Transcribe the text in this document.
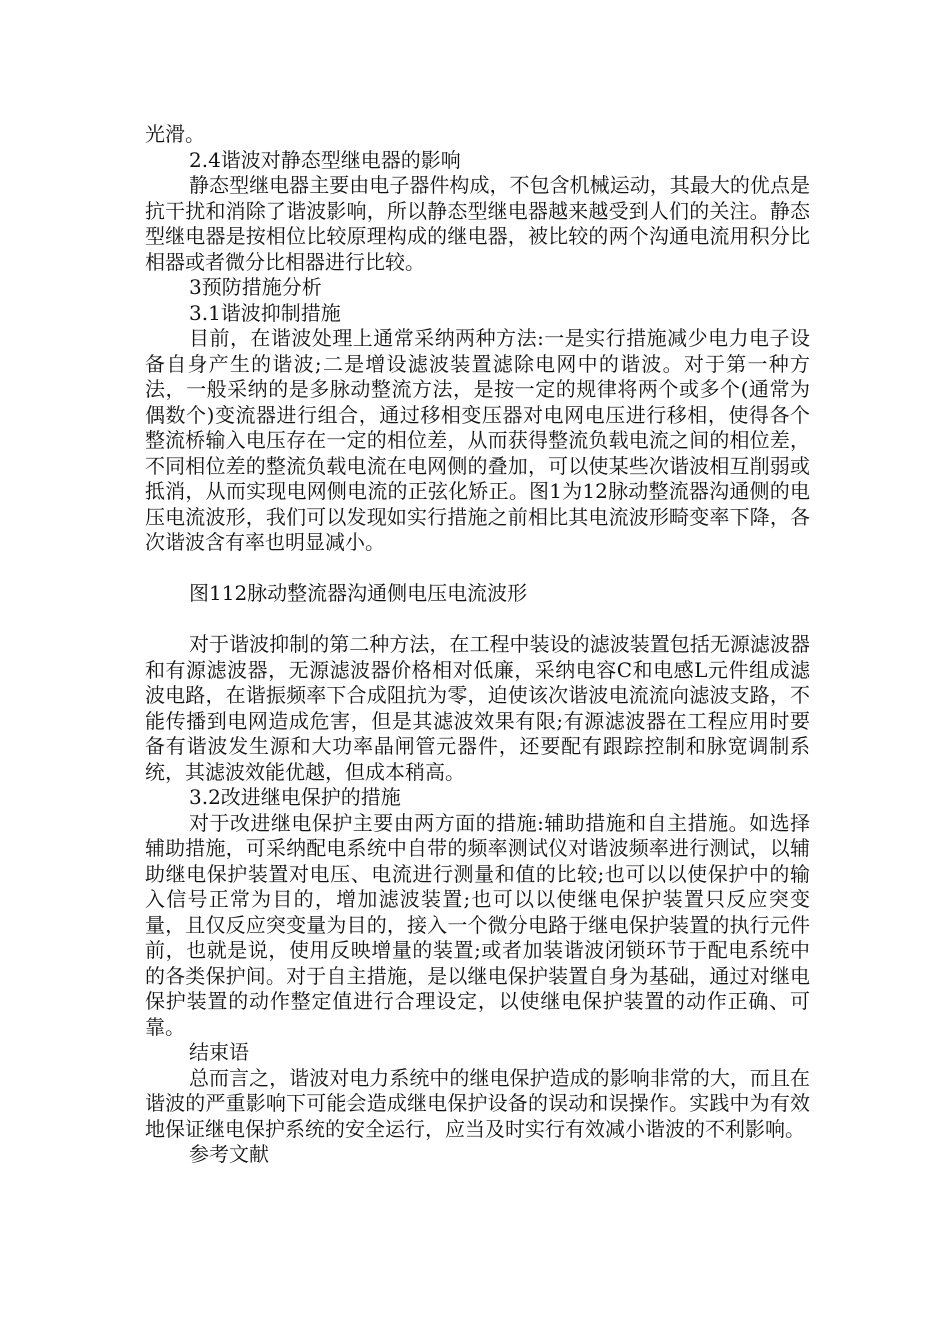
光滑。

2.4谐波对静态型继电器的影响

静态型继电器主要由电子器件构成，不包含机械运动，其最大的优点是抗干扰和消除了谐波影响，所以静态型继电器越来越受到人们的关注。静态型继电器是按相位比较原理构成的继电器，被比较的两个沟通电流用积分比相器或者微分比相器进行比较。

3预防措施分析

3.1谐波抑制措施

目前，在谐波处理上通常采纳两种方法:一是实行措施减少电力电子设备自身产生的谐波;二是增设滤波装置滤除电网中的谐波。对于第一种方法，一般采纳的是多脉动整流方法，是按一定的规律将两个或多个(通常为偶数个)变流器进行组合，通过移相变压器对电网电压进行移相，使得各个整流桥输入电压存在一定的相位差，从而获得整流负载电流之间的相位差，不同相位差的整流负载电流在电网侧的叠加，可以使某些次谐波相互削弱或抵消，从而实现电网侧电流的正弦化矫正。图1为12脉动整流器沟通侧的电压电流波形，我们可以发现如实行措施之前相比其电流波形畸变率下降，各次谐波含有率也明显减小。

图112脉动整流器沟通侧电压电流波形

对于谐波抑制的第二种方法，在工程中装设的滤波装置包括无源滤波器和有源滤波器，无源滤波器价格相对低廉，采纳电容C和电感L元件组成滤波电路，在谐振频率下合成阻抗为零，迫使该次谐波电流流向滤波支路，不能传播到电网造成危害，但是其滤波效果有限;有源滤波器在工程应用时要备有谐波发生源和大功率晶闸管元器件，还要配有跟踪控制和脉宽调制系统，其滤波效能优越，但成本稍高。

3.2改进继电保护的措施

对于改进继电保护主要由两方面的措施:辅助措施和自主措施。如选择辅助措施，可采纳配电系统中自带的频率测试仪对谐波频率进行测试，以辅助继电保护装置对电压、电流进行测量和值的比较;也可以以使保护中的输入信号正常为目的，增加滤波装置;也可以以使继电保护装置只反应突变量，且仅反应突变量为目的，接入一个微分电路于继电保护装置的执行元件前，也就是说，使用反映增量的装置;或者加装谐波闭锁环节于配电系统中的各类保护间。对于自主措施，是以继电保护装置自身为基础，通过对继电保护装置的动作整定值进行合理设定，以使继电保护装置的动作正确、可靠。

结束语

总而言之，谐波对电力系统中的继电保护造成的影响非常的大，而且在谐波的严重影响下可能会造成继电保护设备的误动和误操作。实践中为有效地保证继电保护系统的安全运行，应当及时实行有效减小谐波的不利影响。

参考文献
